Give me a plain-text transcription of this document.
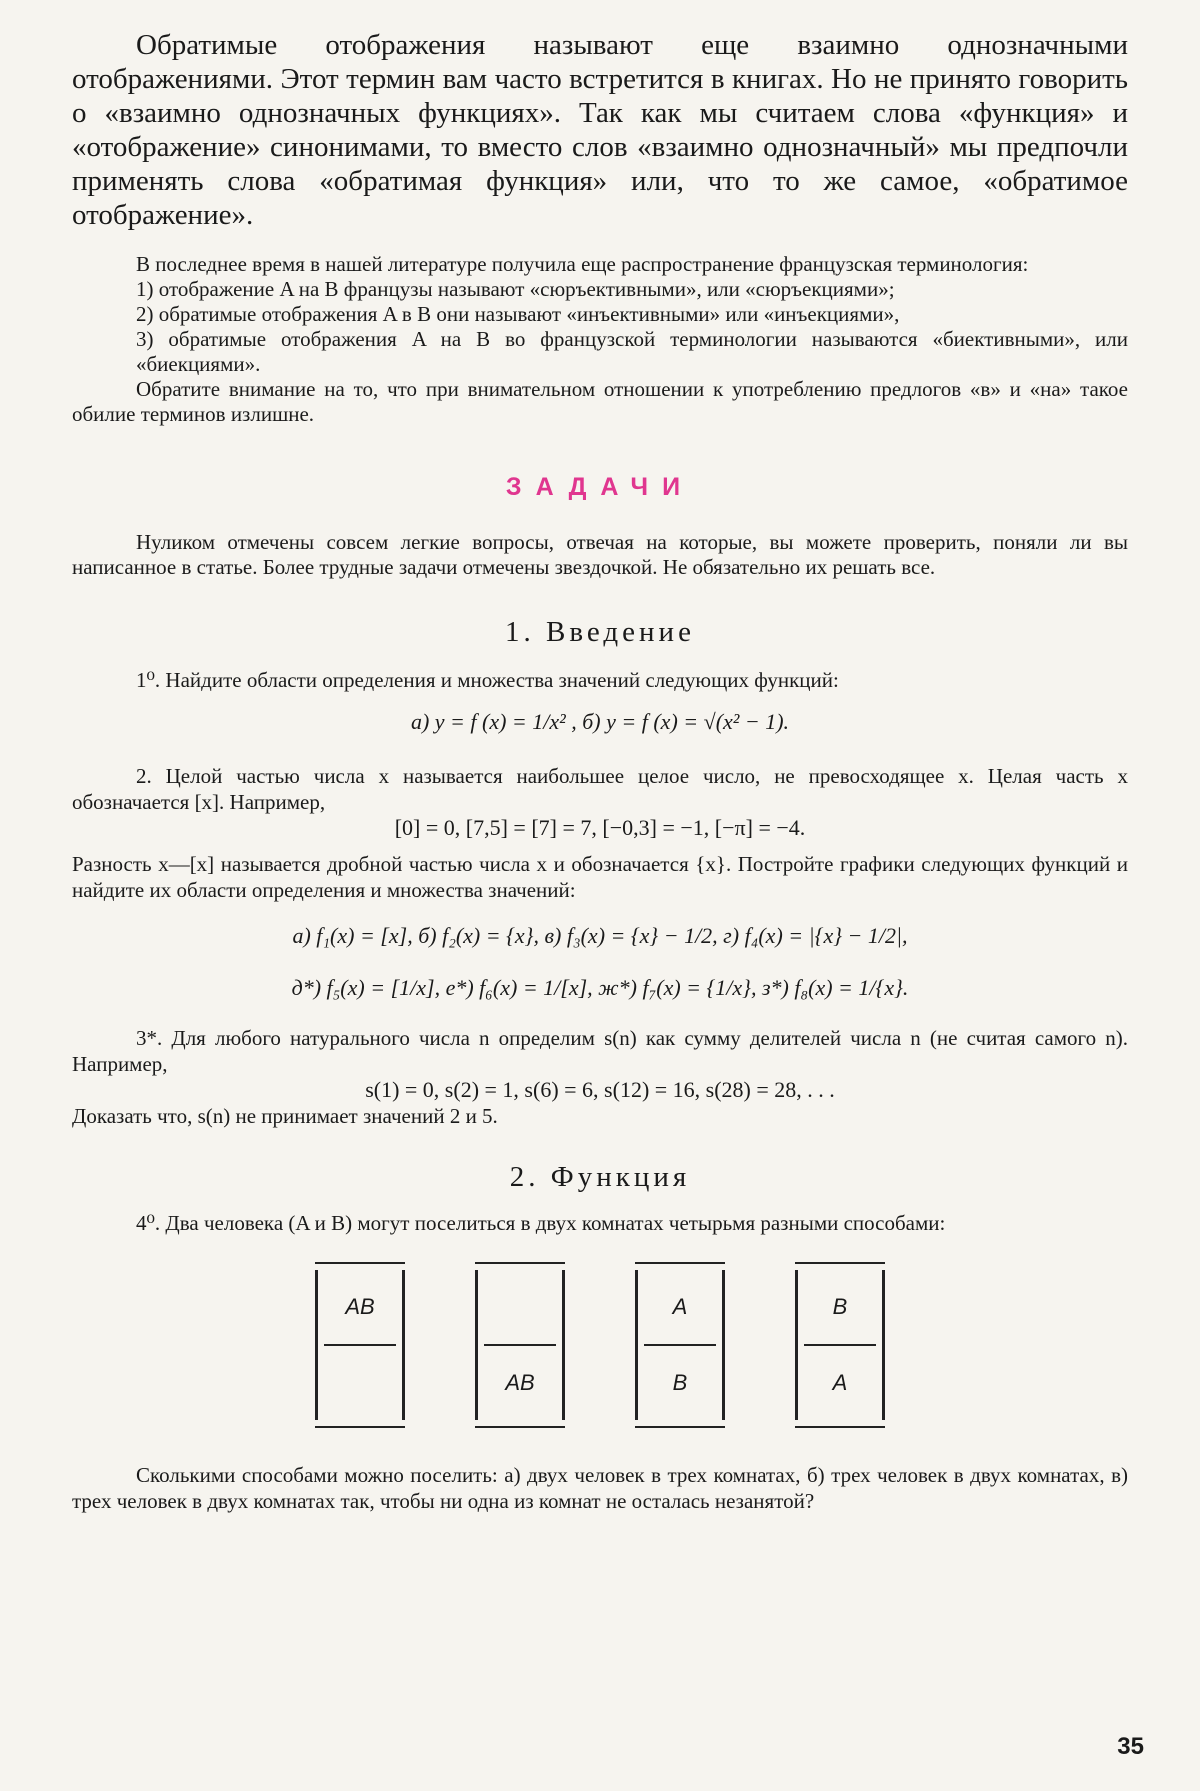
Обратимые отображения называют еще взаимно однозначными отображениями. Этот термин вам часто встретится в книгах. Но не принято говорить о «взаимно однозначных функциях». Так как мы считаем слова «функция» и «отображение» синонимами, то вместо слов «взаимно однозначный» мы предпочли применять слова «обратимая функция» или, что то же самое, «обратимое отображение».

В последнее время в нашей литературе получила еще распространение французская терминология:

1) отображение A на B французы называют «сюръективными», или «сюръекциями»;

2) обратимые отображения A в B они называют «инъективными» или «инъекциями»,

3) обратимые отображения A на B во французской терминологии называются «биективными», или «биекциями».

Обратите внимание на то, что при внимательном отношении к употреблению предлогов «в» и «на» такое обилие терминов излишне.

ЗАДАЧИ

Нуликом отмечены совсем легкие вопросы, отвечая на которые, вы можете проверить, поняли ли вы написанное в статье. Более трудные задачи отмечены звездочкой. Не обязательно их решать все.

1. Введение

1⁰. Найдите области определения и множества значений следующих функций:

а) y = f (x) = 1/x² , б) y = f (x) = √(x² − 1).

2. Целой частью числа x называется наибольшее целое число, не превосходящее x. Целая часть x обозначается [x]. Например,

[0] = 0, [7,5] = [7] = 7, [−0,3] = −1, [−π] = −4.

Разность x—[x] называется дробной частью числа x и обозначается {x}. Постройте графики следующих функций и найдите их области определения и множества значений:

а) f₁(x) = [x], б) f₂(x) = {x}, в) f₃(x) = {x} − 1/2, г) f₄(x) = |{x} − 1/2|,

д*) f₅(x) = [1/x], е*) f₆(x) = 1/[x], ж*) f₇(x) = {1/x}, з*) f₈(x) = 1/{x}.

3*. Для любого натурального числа n определим s(n) как сумму делителей числа n (не считая самого n). Например,

s(1) = 0, s(2) = 1, s(6) = 6, s(12) = 16, s(28) = 28, . . .

Доказать что, s(n) не принимает значений 2 и 5.

2. Функция

4⁰. Два человека (A и B) могут поселиться в двух комнатах четырьмя разными способами:

AB
AB
A
B
B
A

Сколькими способами можно поселить: а) двух человек в трех комнатах, б) трех человек в двух комнатах, в) трех человек в двух комнатах так, чтобы ни одна из комнат не осталась незанятой?

35
